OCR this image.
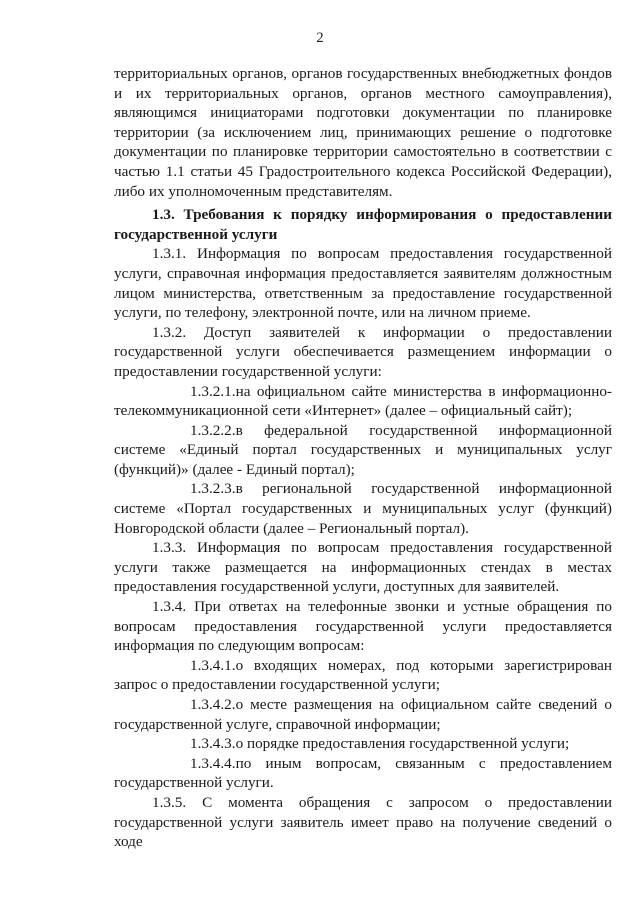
2

территориальных органов, органов государственных внебюджетных фондов и их территориальных органов, органов местного самоуправления), являющимся инициаторами подготовки документации по планировке территории (за исключением лиц, принимающих решение о подготовке документации по планировке территории самостоятельно в соответствии с частью 1.1 статьи 45 Градостроительного кодекса Российской Федерации), либо их уполномоченным представителям.

1.3. Требования к порядку информирования о предоставлении государственной услуги

1.3.1. Информация по вопросам предоставления государственной услуги, справочная информация предоставляется заявителям должностным лицом министерства, ответственным за предоставление государственной услуги, по телефону, электронной почте, или на личном приеме.

1.3.2. Доступ заявителей к информации о предоставлении государственной услуги обеспечивается размещением информации о предоставлении государственной услуги:

1.3.2.1.на официальном сайте министерства в информационно-телекоммуникационной сети «Интернет» (далее – официальный сайт);

1.3.2.2.в федеральной государственной информационной системе «Единый портал государственных и муниципальных услуг (функций)» (далее - Единый портал);

1.3.2.3.в региональной государственной информационной системе «Портал государственных и муниципальных услуг (функций) Новгородской области (далее – Региональный портал).

1.3.3. Информация по вопросам предоставления государственной услуги также размещается на информационных стендах в местах предоставления государственной услуги, доступных для заявителей.

1.3.4. При ответах на телефонные звонки и устные обращения по вопросам предоставления государственной услуги предоставляется информация по следующим вопросам:

1.3.4.1.о входящих номерах, под которыми зарегистрирован запрос о предоставлении государственной услуги;

1.3.4.2.о месте размещения на официальном сайте сведений о государственной услуге, справочной информации;

1.3.4.3.о порядке предоставления государственной услуги;

1.3.4.4.по иным вопросам, связанным с предоставлением государственной услуги.

1.3.5. С момента обращения с запросом о предоставлении государственной услуги заявитель имеет право на получение сведений о ходе
